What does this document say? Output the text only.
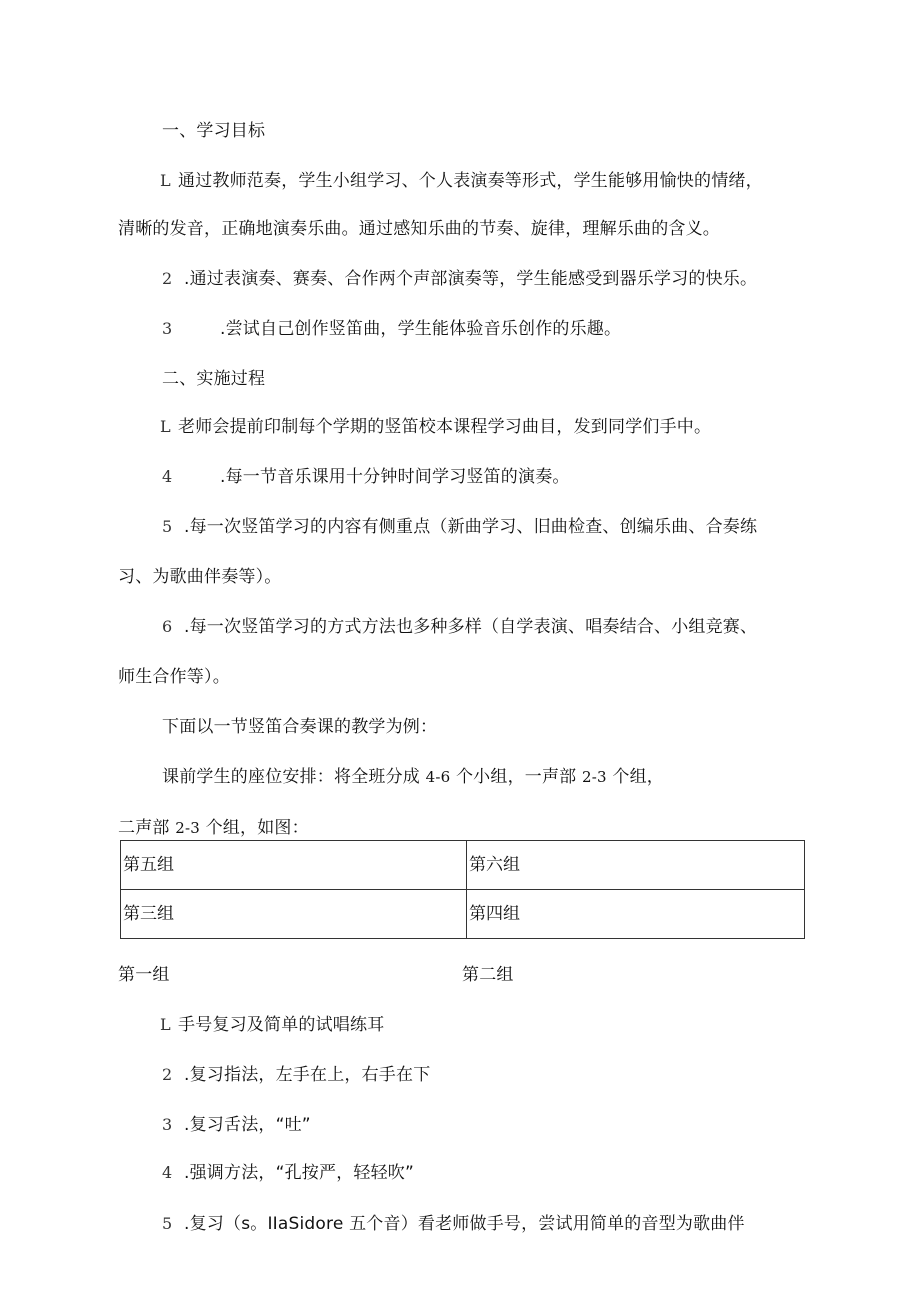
一、学习目标
L 通过教师范奏，学生小组学习、个人表演奏等形式，学生能够用愉快的情绪，
清晰的发音，正确地演奏乐曲。通过感知乐曲的节奏、旋律，理解乐曲的含义。
2 .通过表演奏、赛奏、合作两个声部演奏等，学生能感受到器乐学习的快乐。
3	.尝试自己创作竖笛曲，学生能体验音乐创作的乐趣。
二、实施过程
L 老师会提前印制每个学期的竖笛校本课程学习曲目，发到同学们手中。
4	.每一节音乐课用十分钟时间学习竖笛的演奏。
5 .每一次竖笛学习的内容有侧重点（新曲学习、旧曲检查、创编乐曲、合奏练
习、为歌曲伴奏等）。
6 .每一次竖笛学习的方式方法也多种多样（自学表演、唱奏结合、小组竞赛、
师生合作等）。
下面以一节竖笛合奏课的教学为例：
课前学生的座位安排：将全班分成 4-6 个小组，一声部 2-3 个组，
二声部 2-3 个组，如图：
第五组	第六组
第三组	第四组
第一组	第二组
L 手号复习及简单的试唱练耳
2 .复习指法，左手在上，右手在下
3 .复习舌法，“吐”
4 .强调方法，“孔按严，轻轻吹”
5 .复习（s。IIaSidore 五个音）看老师做手号，尝试用简单的音型为歌曲伴
